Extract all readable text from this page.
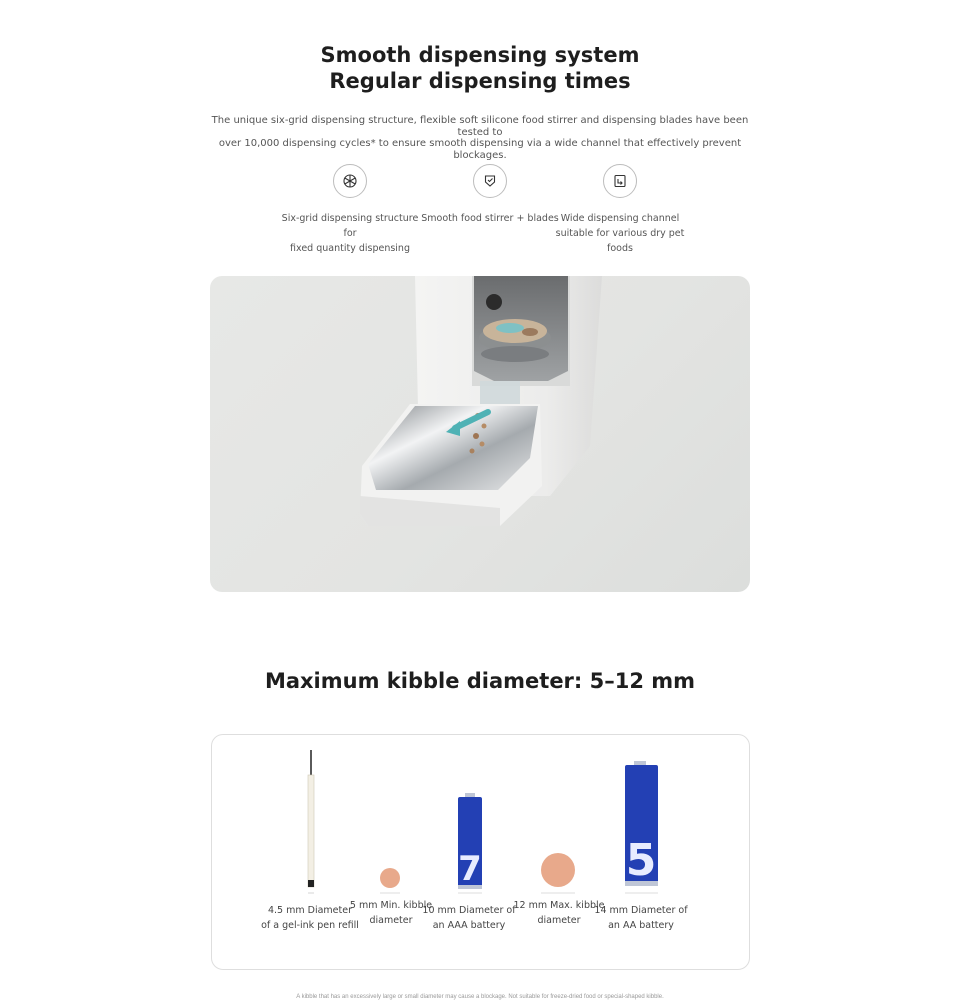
Smooth dispensing system
Regular dispensing times
The unique six-grid dispensing structure, flexible soft silicone food stirrer and dispensing blades have been tested to
over 10,000 dispensing cycles* to ensure smooth dispensing via a wide channel that effectively prevent blockages.
Six-grid dispensing structure for
fixed quantity dispensing
Smooth food stirrer + blades Wide dispensing channel
suitable for various dry pet foods
Maximum kibble diameter: 5–12 mm
7	5
4.5 mm Diameter
of a gel-ink pen refill
5 mm Min. kibble
diameter
10 mm Diameter of
an AAA battery
12 mm Max. kibble
diameter
14 mm Diameter of
an AA battery
A kibble that has an excessively large or small diameter may cause a blockage. Not suitable for freeze-dried food or special-shaped kibble.
